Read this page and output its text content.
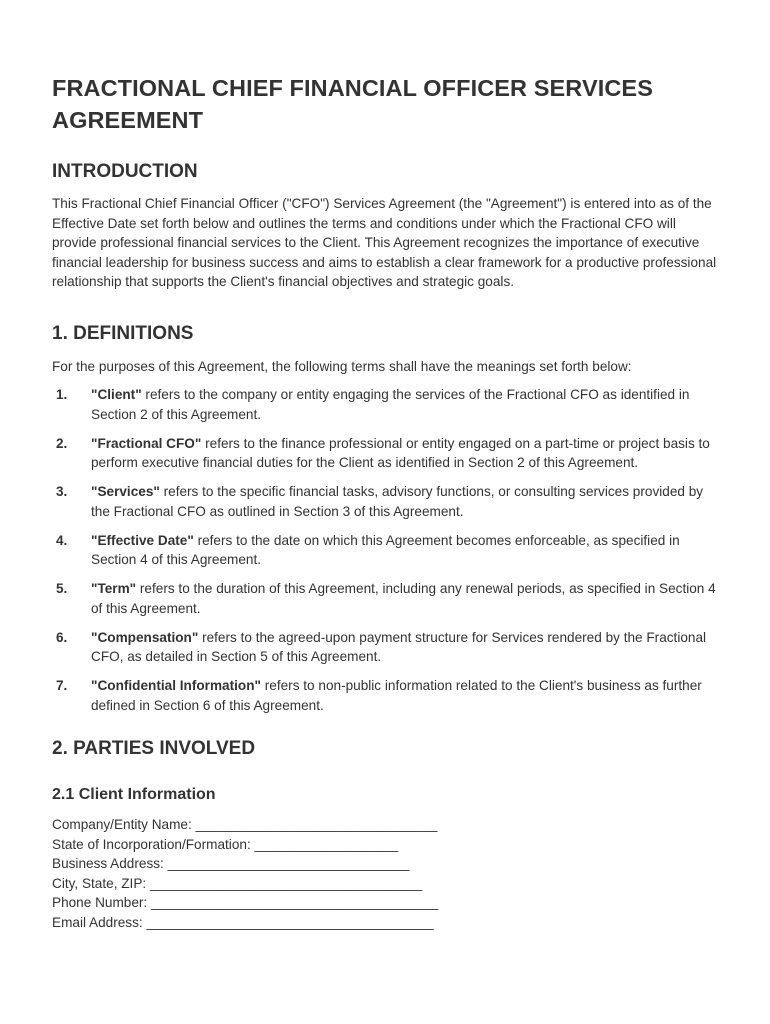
FRACTIONAL CHIEF FINANCIAL OFFICER SERVICES AGREEMENT
INTRODUCTION

This Fractional Chief Financial Officer ("CFO") Services Agreement (the "Agreement") is entered into as of the Effective Date set forth below and outlines the terms and conditions under which the Fractional CFO will provide professional financial services to the Client. This Agreement recognizes the importance of executive financial leadership for business success and aims to establish a clear framework for a productive professional relationship that supports the Client's financial objectives and strategic goals.

1. DEFINITIONS

For the purposes of this Agreement, the following terms shall have the meanings set forth below:

1. "Client" refers to the company or entity engaging the services of the Fractional CFO as identified in Section 2 of this Agreement.
2. "Fractional CFO" refers to the finance professional or entity engaged on a part-time or project basis to perform executive financial duties for the Client as identified in Section 2 of this Agreement.
3. "Services" refers to the specific financial tasks, advisory functions, or consulting services provided by the Fractional CFO as outlined in Section 3 of this Agreement.
4. "Effective Date" refers to the date on which this Agreement becomes enforceable, as specified in Section 4 of this Agreement.
5. "Term" refers to the duration of this Agreement, including any renewal periods, as specified in Section 4 of this Agreement.
6. "Compensation" refers to the agreed-upon payment structure for Services rendered by the Fractional CFO, as detailed in Section 5 of this Agreement.
7. "Confidential Information" refers to non-public information related to the Client's business as further defined in Section 6 of this Agreement.
2. PARTIES INVOLVED
2.1 Client Information
Company/Entity Name: ________________________________
State of Incorporation/Formation: ___________________
Business Address: ________________________________
City, State, ZIP: ____________________________________
Phone Number: ______________________________________
Email Address: ______________________________________
